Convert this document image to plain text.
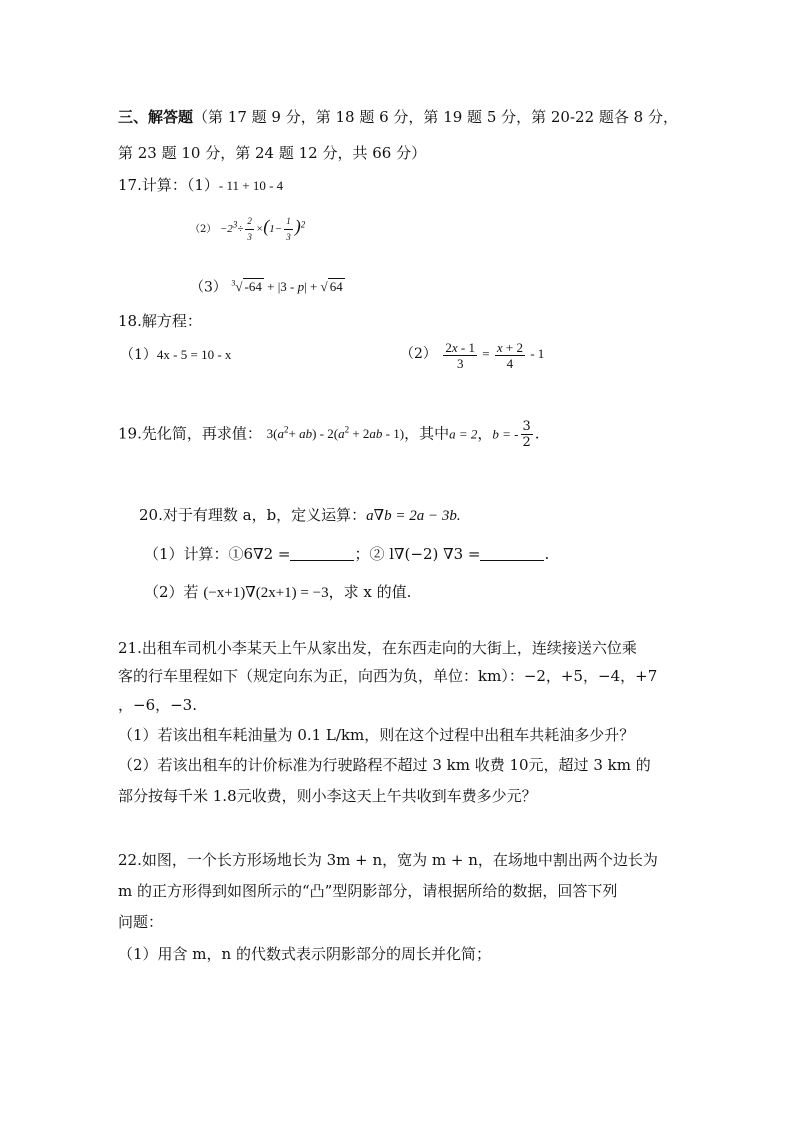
三、解答题（第 17 题 9 分，第 18 题 6 分，第 19 题 5 分，第 20-22 题各 8 分，
第 23 题 10 分，第 24 题 12 分，共 66 分）
17.计算：（1）- 11 + 10 - 4
$(2) -2^3\div \frac{2}{3} \times(1- \frac{1}{3} )^2$
（3） $^3$√ -64 + |3 - p| + √ 64
18.解方程：
（1）4x - 5 = 10 - x	$(2) \frac{2x - 1}{3} = \frac{x + 2}{4} - 1$
19.先化简，再求值： $3(a^2+ ab) - 2(a^2 + 2ab - 1)$，其中a = 2，b = - $\frac{3}{2}$ .
20.对于有理数 a，b，定义运算：a∇b = 2a − 3b.
（1）计算：①6∇2 =	；② l∇(−2) ∇3 =	.
（2）若 (−x+1)∇(2x+1) = −3，求 x 的值.
21.出租车司机小李某天上午从家出发，在东西走向的大街上，连续接送六位乘
客的行车里程如下（规定向东为正，向西为负，单位：km）：−2，+5，−4，+7
，−6，−3.
（1）若该出租车耗油量为 0.1 L/km，则在这个过程中出租车共耗油多少升？
（2）若该出租车的计价标准为行驶路程不超过 3 km 收费 10元，超过 3 km 的
部分按每千米 1.8元收费，则小李这天上午共收到车费多少元？
22.如图，一个长方形场地长为 3m + n，宽为 m + n，在场地中割出两个边长为
m 的正方形得到如图所示的“凸”型阴影部分，请根据所给的数据，回答下列
问题：
（1）用含 m，n 的代数式表示阴影部分的周长并化简；
